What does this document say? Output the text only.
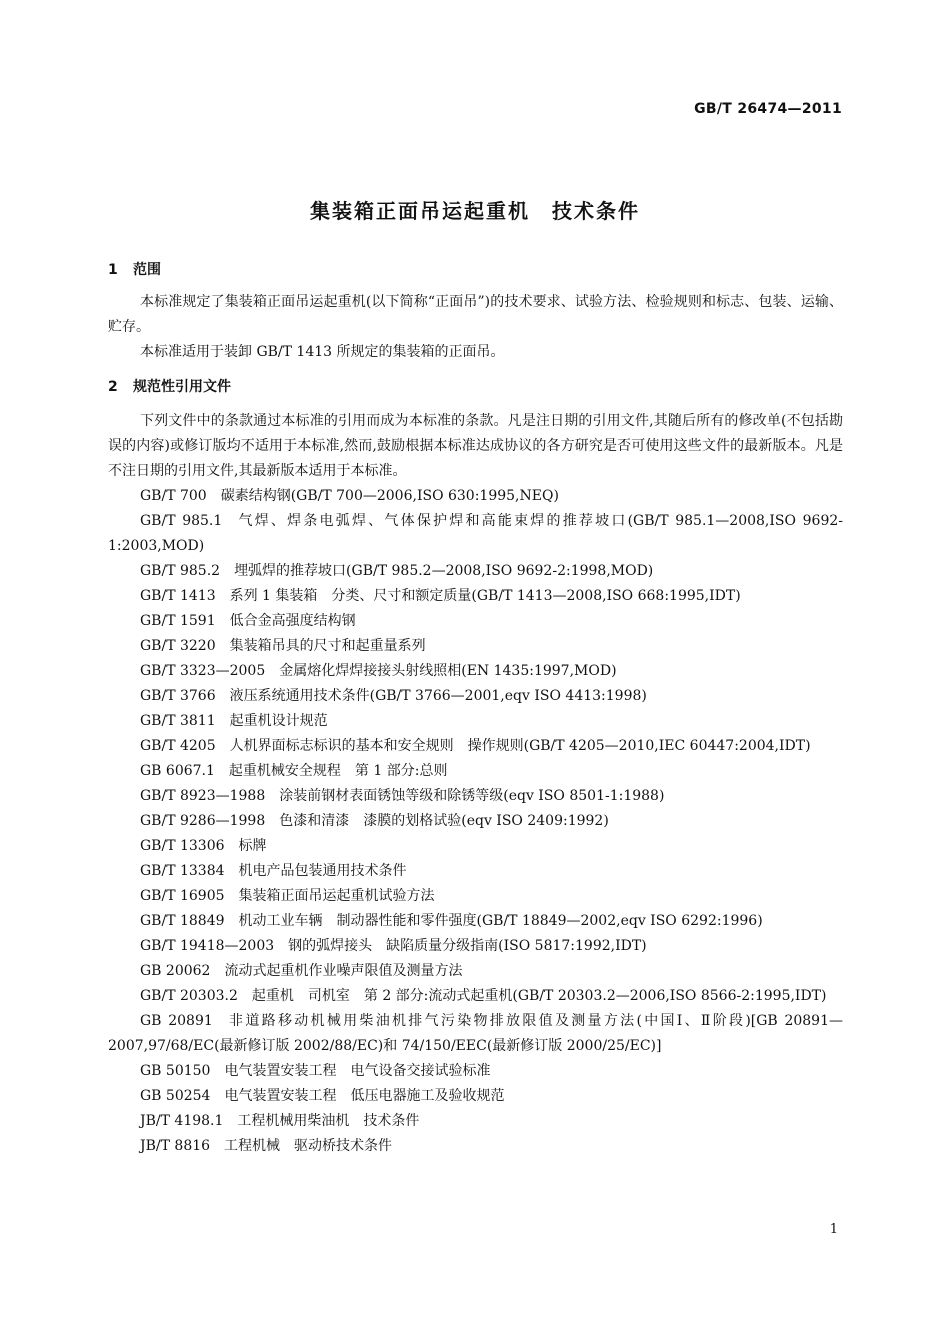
GB/T 26474—2011
集装箱正面吊运起重机　技术条件
1 范围

本标准规定了集装箱正面吊运起重机(以下简称“正面吊”)的技术要求、试验方法、检验规则和标志、包装、运输、贮存。

本标准适用于装卸 GB/T 1413 所规定的集装箱的正面吊。

2 规范性引用文件

下列文件中的条款通过本标准的引用而成为本标准的条款。凡是注日期的引用文件,其随后所有的修改单(不包括勘误的内容)或修订版均不适用于本标准,然而,鼓励根据本标准达成协议的各方研究是否可使用这些文件的最新版本。凡是不注日期的引用文件,其最新版本适用于本标准。

GB/T 700 碳素结构钢(GB/T 700—2006,ISO 630:1995,NEQ)

GB/T 985.1 气焊、焊条电弧焊、气体保护焊和高能束焊的推荐坡口(GB/T 985.1—2008,ISO 9692-1:2003,MOD)

GB/T 985.2 埋弧焊的推荐坡口(GB/T 985.2—2008,ISO 9692-2:1998,MOD)

GB/T 1413 系列 1 集装箱　分类、尺寸和额定质量(GB/T 1413—2008,ISO 668:1995,IDT)

GB/T 1591 低合金高强度结构钢

GB/T 3220 集装箱吊具的尺寸和起重量系列

GB/T 3323—2005 金属熔化焊焊接接头射线照相(EN 1435:1997,MOD)

GB/T 3766 液压系统通用技术条件(GB/T 3766—2001,eqv ISO 4413:1998)

GB/T 3811 起重机设计规范

GB/T 4205 人机界面标志标识的基本和安全规则　操作规则(GB/T 4205—2010,IEC 60447:2004,IDT)

GB 6067.1 起重机械安全规程　第 1 部分:总则

GB/T 8923—1988 涂装前钢材表面锈蚀等级和除锈等级(eqv ISO 8501-1:1988)

GB/T 9286—1998 色漆和清漆　漆膜的划格试验(eqv ISO 2409:1992)

GB/T 13306 标牌

GB/T 13384 机电产品包装通用技术条件

GB/T 16905 集装箱正面吊运起重机试验方法

GB/T 18849 机动工业车辆　制动器性能和零件强度(GB/T 18849—2002,eqv ISO 6292:1996)

GB/T 19418—2003 钢的弧焊接头　缺陷质量分级指南(ISO 5817:1992,IDT)

GB 20062 流动式起重机作业噪声限值及测量方法

GB/T 20303.2 起重机　司机室　第 2 部分:流动式起重机(GB/T 20303.2—2006,ISO 8566-2:1995,IDT)

GB 20891 非道路移动机械用柴油机排气污染物排放限值及测量方法(中国Ⅰ、Ⅱ阶段)[GB 20891—2007,97/68/EC(最新修订版 2002/88/EC)和 74/150/EEC(最新修订版 2000/25/EC)]

GB 50150 电气装置安装工程　电气设备交接试验标准

GB 50254 电气装置安装工程　低压电器施工及验收规范

JB/T 4198.1 工程机械用柴油机　技术条件

JB/T 8816 工程机械　驱动桥技术条件

1
